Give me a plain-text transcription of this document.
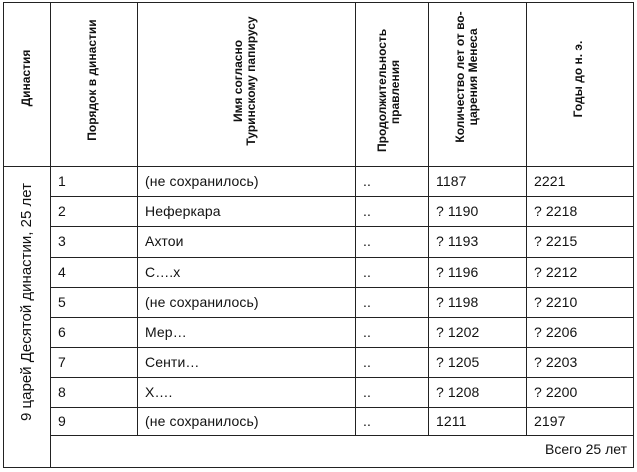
Династия	Порядок в династии	Имя согласно Туринскому папирусу	Продолжительность правления	Количество лет от во-царения Менеса	Годы до н. э.
9 царей Десятой династии, 25 лет
1	(не сохранилось)	..	1187	2221
2	Неферкара	..	? 1190	? 2218
3	Ахтои	..	? 1193	? 2215
4	С….х	..	? 1196	? 2212
5	(не сохранилось)	..	? 1198	? 2210
6	Мер…	..	? 1202	? 2206
7	Сенти…	..	? 1205	? 2203
8	Х….	..	? 1208	? 2200
9	(не сохранилось)	..	1211	2197
Всего 25 лет
